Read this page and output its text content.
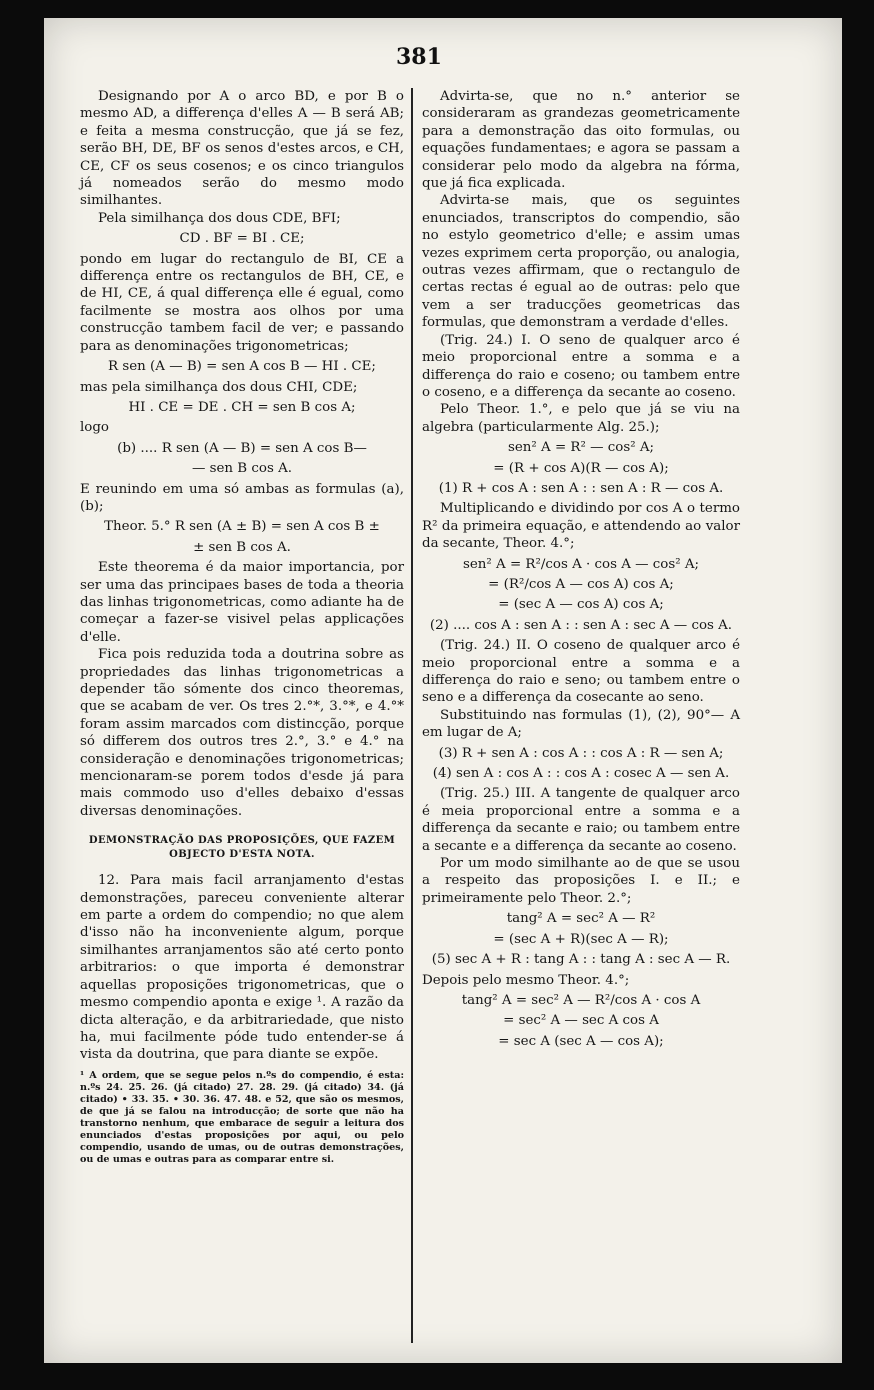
381

Designando por A o arco BD, e por B o mesmo AD, a differença d'elles A — B será AB; e feita a mesma construcção, que já se fez, serão BH, DE, BF os senos d'estes arcos, e CH, CE, CF os seus cosenos; e os cinco triangulos já nomeados serão do mesmo modo similhantes.

Pela similhança dos dous CDE, BFI;

CD . BF = BI . CE;

pondo em lugar do rectangulo de BI, CE a differença entre os rectangulos de BH, CE, e de HI, CE, á qual differença elle é egual, como facilmente se mostra aos olhos por uma construcção tambem facil de ver; e passando para as denominações trigonometricas;

R sen (A — B) = sen A cos B — HI . CE;

mas pela similhança dos dous CHI, CDE;

HI . CE = DE . CH = sen B cos A;

logo

(b) .... R sen (A — B) = sen A cos B—

— sen B cos A.

E reunindo em uma só ambas as formulas (a), (b);

Theor. 5.° R sen (A ± B) = sen A cos B ±

± sen B cos A.

Este theorema é da maior importancia, por ser uma das principaes bases de toda a theoria das linhas trigonometricas, como adiante ha de começar a fazer-se visivel pelas applicações d'elle.

Fica pois reduzida toda a doutrina sobre as propriedades das linhas trigonometricas a depender tão sómente dos cinco theoremas, que se acabam de ver. Os tres 2.°*, 3.°*, e 4.°* foram assim marcados com distincção, porque só differem dos outros tres 2.°, 3.° e 4.° na consideração e denominações trigonometricas; mencionaram-se porem todos d'esde já para mais commodo uso d'elles debaixo d'essas diversas denominações.

DEMONSTRAÇÃO DAS PROPOSIÇÕES, QUE FAZEM OBJECTO D'ESTA NOTA.

12. Para mais facil arranjamento d'estas demonstrações, pareceu conveniente alterar em parte a ordem do compendio; no que alem d'isso não ha inconveniente algum, porque similhantes arranjamentos são até certo ponto arbitrarios: o que importa é demonstrar aquellas proposições trigonometricas, que o mesmo compendio aponta e exige ¹. A razão da dicta alteração, e da arbitrariedade, que nisto ha, mui facilmente póde tudo entender-se á vista da doutrina, que para diante se expõe.

¹ A ordem, que se segue pelos n.ºs do compendio, é esta: n.ºs 24. 25. 26. (já citado) 27. 28. 29. (já citado) 34. (já citado) • 33. 35. • 30. 36. 47. 48. e 52, que são os mesmos, de que já se falou na introducção; de sorte que não ha transtorno nenhum, que embarace de seguir a leitura dos enunciados d'estas proposições por aqui, ou pelo compendio, usando de umas, ou de outras demonstrações, ou de umas e outras para as comparar entre si.

Advirta-se, que no n.° anterior se consideraram as grandezas geometricamente para a demonstração das oito formulas, ou equações fundamentaes; e agora se passam a considerar pelo modo da algebra na fórma, que já fica explicada.

Advirta-se mais, que os seguintes enunciados, transcriptos do compendio, são no estylo geometrico d'elle; e assim umas vezes exprimem certa proporção, ou analogia, outras vezes affirmam, que o rectangulo de certas rectas é egual ao de outras: pelo que vem a ser traducções geometricas das formulas, que demonstram a verdade d'elles.

(Trig. 24.) I. O seno de qualquer arco é meio proporcional entre a somma e a differença do raio e coseno; ou tambem entre o coseno, e a differença da secante ao coseno.

Pelo Theor. 1.°, e pelo que já se viu na algebra (particularmente Alg. 25.);

sen² A = R² — cos² A;

= (R + cos A)(R — cos A);

(1) R + cos A : sen A : : sen A : R — cos A.

Multiplicando e dividindo por cos A o termo R² da primeira equação, e attendendo ao valor da secante, Theor. 4.°;

sen² A = R²/cos A · cos A — cos² A;

= (R²/cos A — cos A) cos A;

= (sec A — cos A) cos A;

(2) .... cos A : sen A : : sen A : sec A — cos A.

(Trig. 24.) II. O coseno de qualquer arco é meio proporcional entre a somma e a differença do raio e seno; ou tambem entre o seno e a differença da cosecante ao seno.

Substituindo nas formulas (1), (2), 90°— A em lugar de A;

(3) R + sen A : cos A : : cos A : R — sen A;

(4) sen A : cos A : : cos A : cosec A — sen A.

(Trig. 25.) III. A tangente de qualquer arco é meia proporcional entre a somma e a differença da secante e raio; ou tambem entre a secante e a differença da secante ao coseno.

Por um modo similhante ao de que se usou a respeito das proposições I. e II.; e primeiramente pelo Theor. 2.°;

tang² A = sec² A — R²

= (sec A + R)(sec A — R);

(5) sec A + R : tang A : : tang A : sec A — R.

Depois pelo mesmo Theor. 4.°;

tang² A = sec² A — R²/cos A · cos A

= sec² A — sec A cos A

= sec A (sec A — cos A);
